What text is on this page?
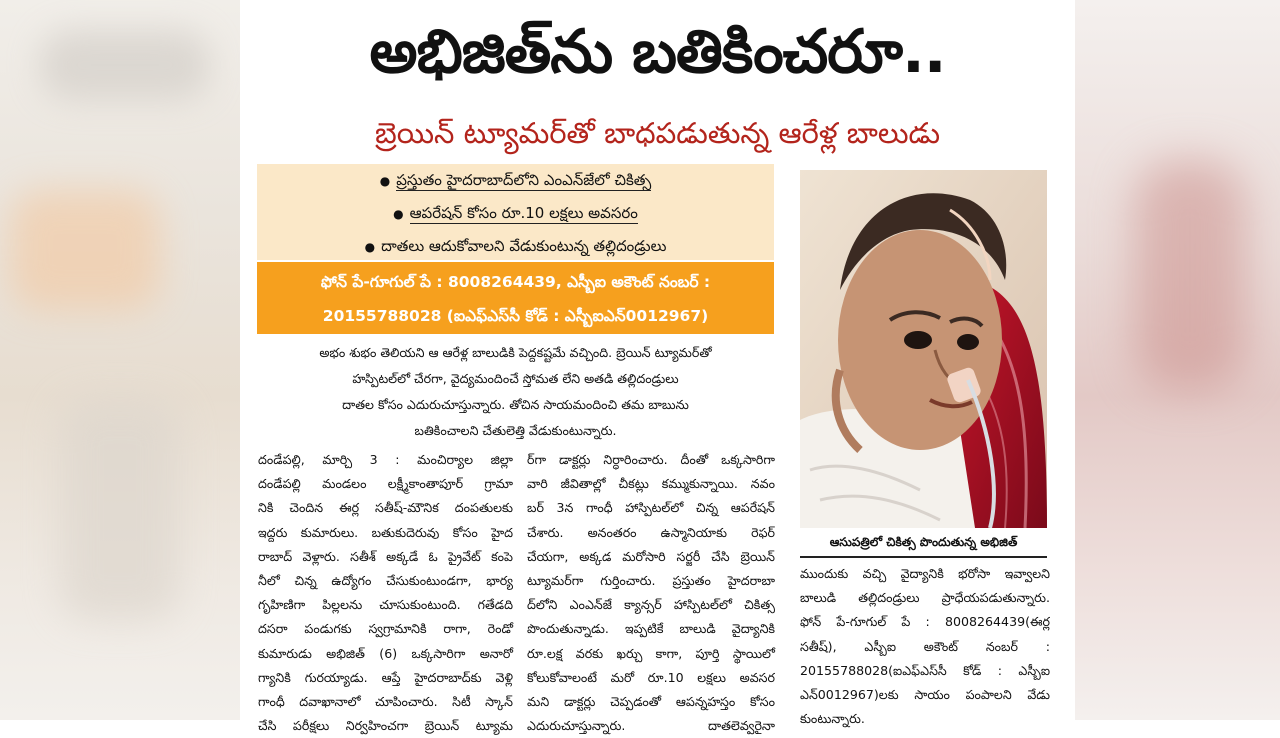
అభిజిత్‌ను బతికించరూ..
బ్రెయిన్ ట్యూమర్‌తో బాధపడుతున్న ఆరేళ్ల బాలుడు
● ప్రస్తుతం హైదరాబాద్‌లోని ఎంఎన్‌జేలో చికిత్స
● ఆపరేషన్ కోసం రూ.10 లక్షలు అవసరం
● దాతలు ఆదుకోవాలని వేడుకుంటున్న తల్లిదండ్రులు
ఫోన్ పే-గూగుల్ పే : 8008264439, ఎస్బీఐ అకౌంట్ నంబర్ :
20155788028 (ఐఎఫ్ఎస్‌సీ కోడ్ : ఎస్బీఐఎన్0012967)
అభం శుభం తెలియని ఆ ఆరేళ్ల బాలుడికి పెద్దకష్టమే వచ్చింది. బ్రెయిన్ ట్యూమర్‌తో
హస్పిటల్‌లో చేరగా, వైద్యమందించే స్తోమత లేని అతడి తల్లిదండ్రులు
దాతల కోసం ఎదురుచూస్తున్నారు. తోచిన సాయమందించి తమ బాబును
బతికించాలని చేతులెత్తి వేడుకుంటున్నారు.
దండేపల్లి, మార్చి 3 : మంచిర్యాల జిల్లా
దండేపల్లి మండలం లక్ష్మీకాంతాపూర్ గ్రామా
నికి చెందిన ఈర్ల సతీష్-మౌనిక దంపతులకు
ఇద్దరు కుమారులు. బతుకుదెరువు కోసం హైద
రాబాద్ వెళ్లారు. సతీశ్ అక్కడే ఓ ప్రైవేట్ కంపె
నీలో చిన్న ఉద్యోగం చేసుకుంటుండగా, భార్య
గృహిణిగా పిల్లలను చూసుకుంటుంది. గతేడది
దసరా పండుగకు స్వగ్రామానికి రాగా, రెండో
కుమారుడు అభిజిత్ (6) ఒక్కసారిగా అనారో
గ్యానికి గురయ్యాడు. ఆప్తే హైదరాబాద్‌కు వెళ్లి
గాంధీ దవాఖానాలో చూపించారు. సిటీ స్కాన్
చేసి పరీక్షలు నిర్వహించగా బ్రెయిన్ ట్యూమ
ర్‌గా డాక్టర్లు నిర్ధారించారు. దీంతో ఒక్కసారిగా
వారి జీవితాల్లో చీకట్లు కమ్ముకున్నాయి. నవం
బర్ 3న గాంధీ హాస్పిటల్‌లో చిన్న ఆపరేషన్
చేశారు. అనంతరం ఉస్మానియాకు రెఫర్
చేయగా, అక్కడ మరోసారి సర్జరీ చేసి బ్రెయిన్
ట్యూమర్‌గా గుర్తించారు. ప్రస్తుతం హైదరాబా
ద్‌లోని ఎంఎన్‌జే క్యాన్సర్ హాస్పిటల్‌లో చికిత్స
పొందుతున్నాడు. ఇప్పటికే బాలుడి వైద్యానికి
రూ.లక్ష వరకు ఖర్చు కాగా, పూర్తి స్థాయిలో
కోలుకోవాలంటే మరో రూ.10 లక్షలు అవసర
మని డాక్టర్లు చెప్పడంతో ఆపన్నహస్తం కోసం
ఎదురుచూస్తున్నారు. దాతలెవ్వరైనా
ఆసుపత్రిలో చికిత్స పొందుతున్న అభిజిత్
ముందుకు వచ్చి వైద్యానికి భరోసా ఇవ్వాలని
బాలుడి తల్లిదండ్రులు ప్రాధేయపడుతున్నారు.
ఫోన్ పే-గూగుల్ పే : 8008264439(ఈర్ల
సతీష్), ఎస్బీఐ అకౌంట్ నంబర్ :
20155788028(ఐఎఫ్ఎస్‌సీ కోడ్ : ఎస్బీఐ
ఎన్0012967)లకు సాయం పంపాలని వేడు
కుంటున్నారు.
